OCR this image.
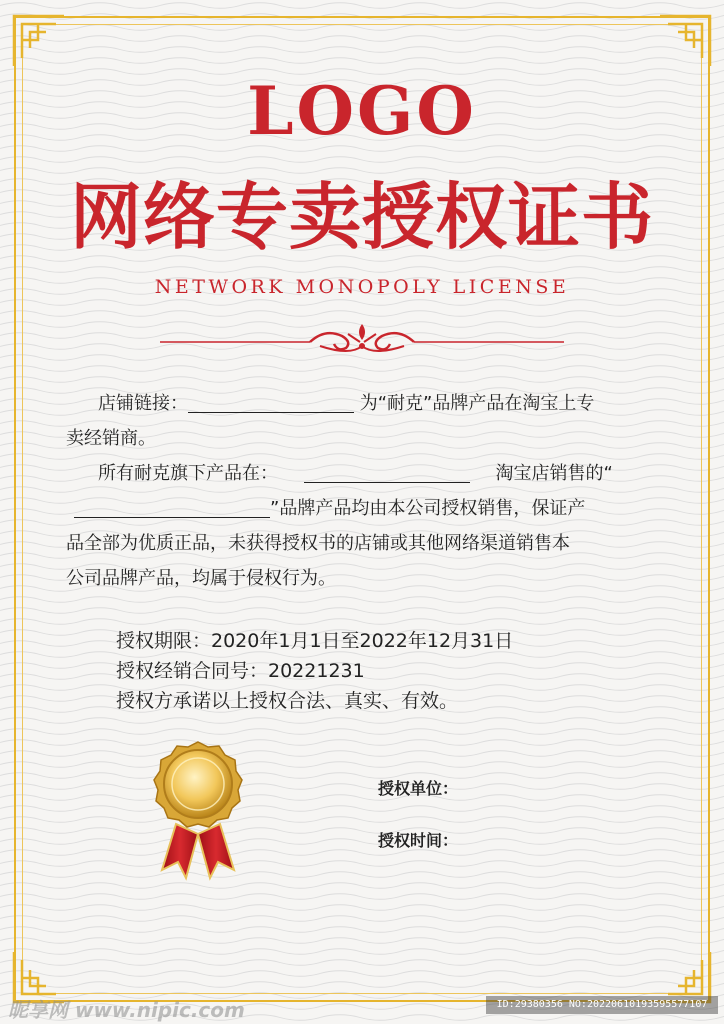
LOGO
网络专卖授权证书
NETWORK MONOPOLY LICENSE
店铺链接：	为“耐克”品牌产品在淘宝上专
卖经销商。
所有耐克旗下产品在：	淘宝店销售的“
”品牌产品均由本公司授权销售，保证产
品全部为优质正品，未获得授权书的店铺或其他网络渠道销售本
公司品牌产品，均属于侵权行为。
授权期限：2020年1月1日至2022年12月31日
授权经销合同号：20221231
授权方承诺以上授权合法、真实、有效。
授权单位：
授权时间：
昵享网 www.nipic.com	ID:29380356 NO:20220610193595577107
